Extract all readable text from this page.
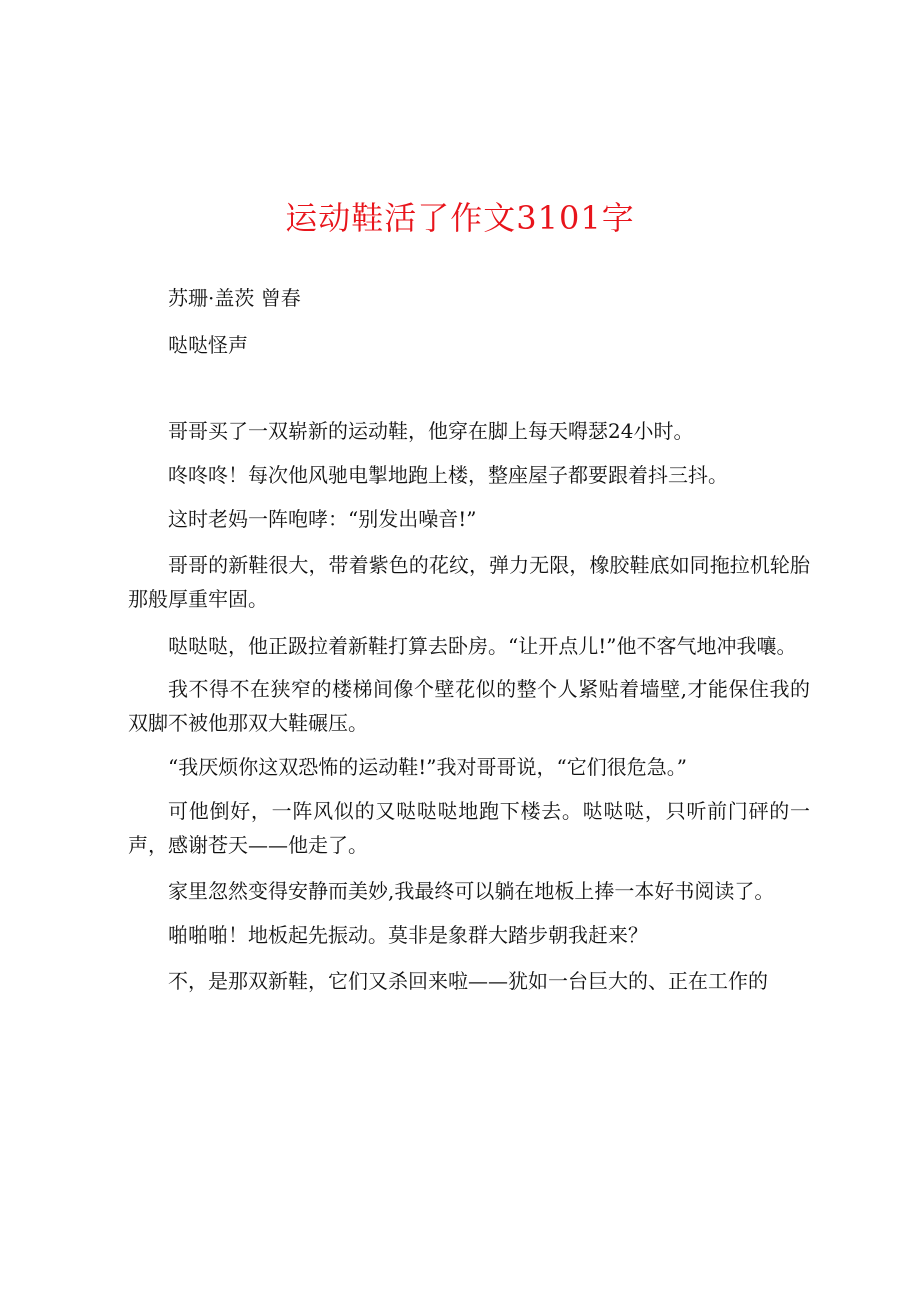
运动鞋活了作文3101字

苏珊·盖茨 曾春

哒哒怪声

哥哥买了一双崭新的运动鞋，他穿在脚上每天嘚瑟24小时。

咚咚咚！每次他风驰电掣地跑上楼，整座屋子都要跟着抖三抖。

这时老妈一阵咆哮：“别发出噪音!”

哥哥的新鞋很大，带着紫色的花纹，弹力无限，橡胶鞋底如同拖拉机轮胎那般厚重牢固。

哒哒哒，他正趿拉着新鞋打算去卧房。“让开点儿!”他不客气地冲我嚷。

我不得不在狭窄的楼梯间像个壁花似的整个人紧贴着墙壁,才能保住我的双脚不被他那双大鞋碾压。

“我厌烦你这双恐怖的运动鞋!”我对哥哥说，“它们很危急。”

可他倒好，一阵风似的又哒哒哒地跑下楼去。哒哒哒，只听前门砰的一声，感谢苍天——他走了。

家里忽然变得安静而美妙,我最终可以躺在地板上捧一本好书阅读了。

啪啪啪！地板起先振动。莫非是象群大踏步朝我赶来？

不，是那双新鞋，它们又杀回来啦——犹如一台巨大的、正在工作的
